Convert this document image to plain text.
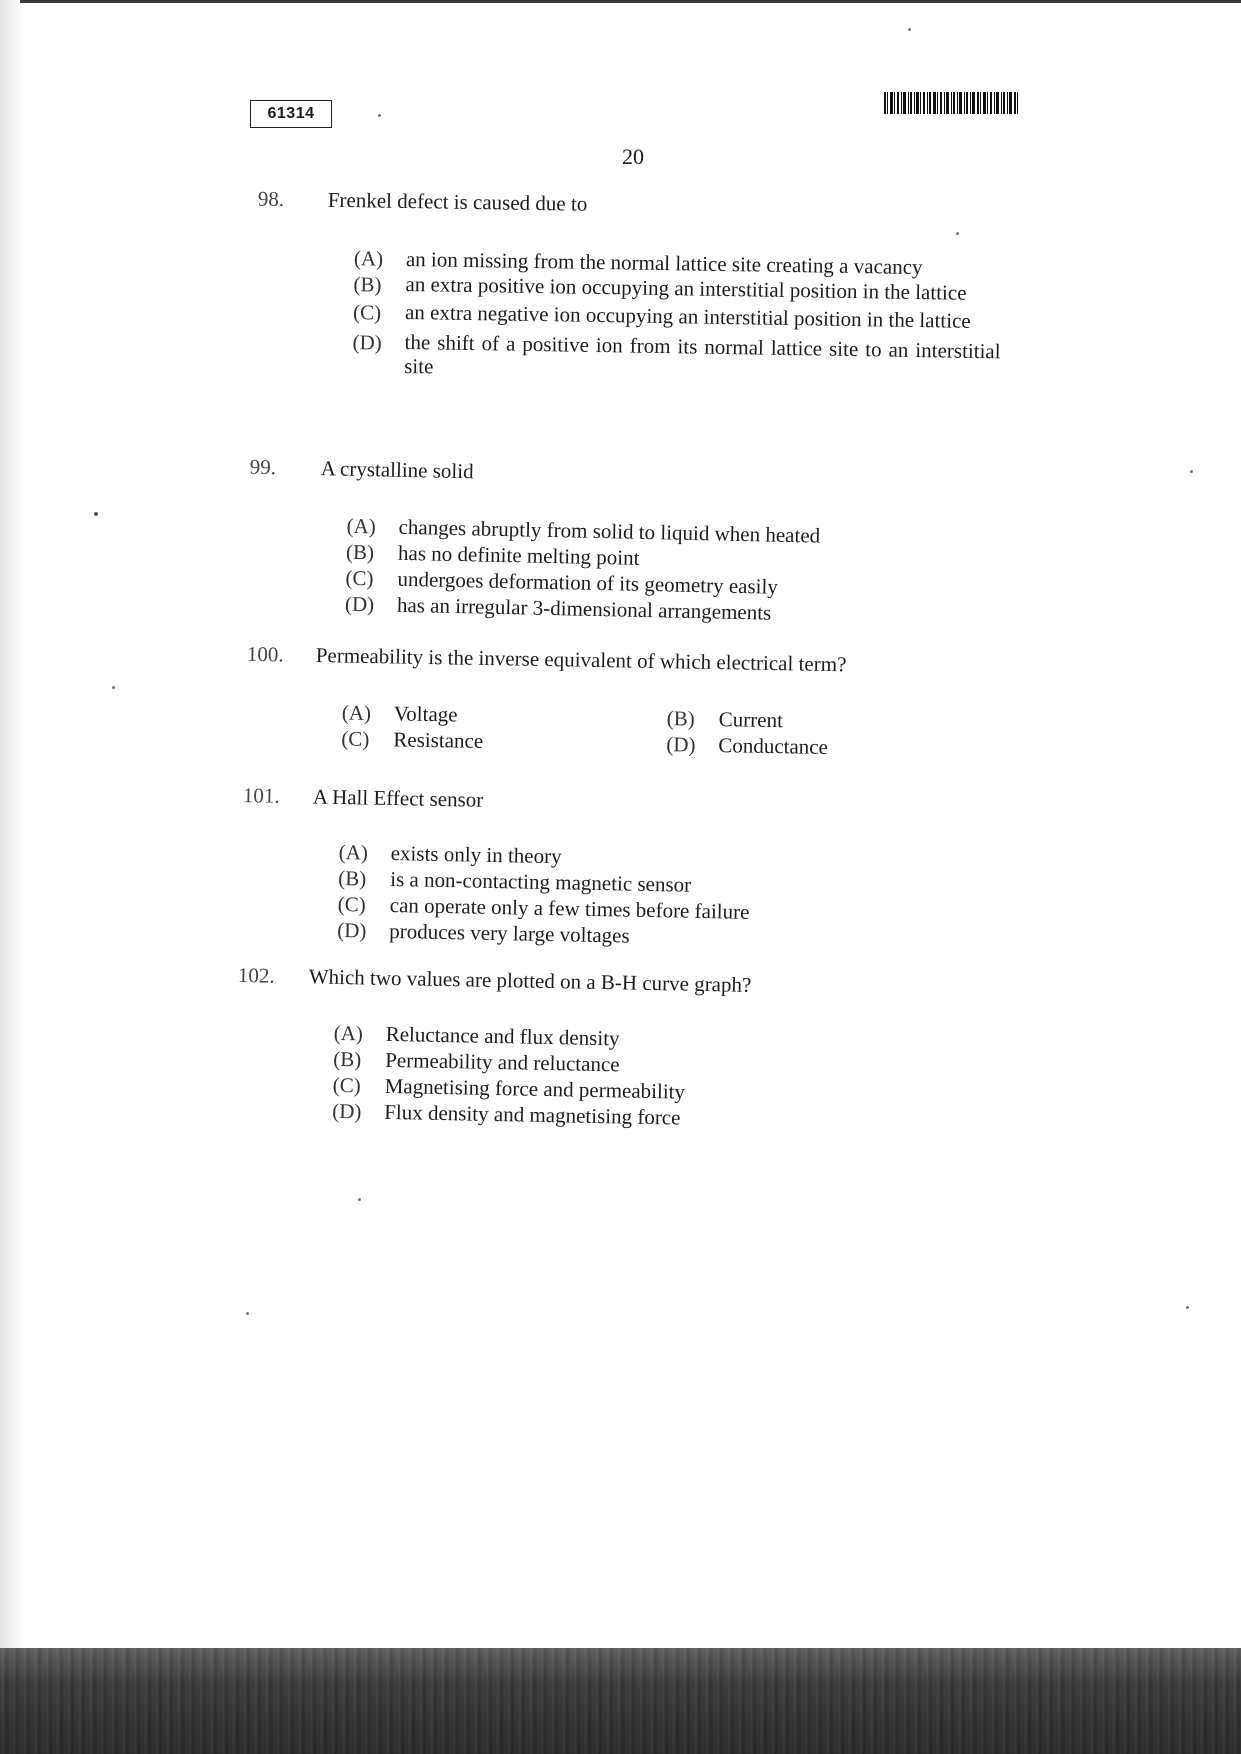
61314
20
98. Frenkel defect is caused due to
(A)	an ion missing from the normal lattice site creating a vacancy
(B)	an extra positive ion occupying an interstitial position in the lattice
(C)	an extra negative ion occupying an interstitial position in the lattice
(D)	the shift of a positive ion from its normal lattice site to an interstitial site
99. A crystalline solid
(A)	changes abruptly from solid to liquid when heated
(B)	has no definite melting point
(C)	undergoes deformation of its geometry easily
(D)	has an irregular 3-dimensional arrangements
100. Permeability is the inverse equivalent of which electrical term?
(A)	Voltage	(B)	Current
(C)	Resistance	(D)	Conductance
101. A Hall Effect sensor
(A)	exists only in theory
(B)	is a non-contacting magnetic sensor
(C)	can operate only a few times before failure
(D)	produces very large voltages
102. Which two values are plotted on a B-H curve graph?
(A)	Reluctance and flux density
(B)	Permeability and reluctance
(C)	Magnetising force and permeability
(D)	Flux density and magnetising force
